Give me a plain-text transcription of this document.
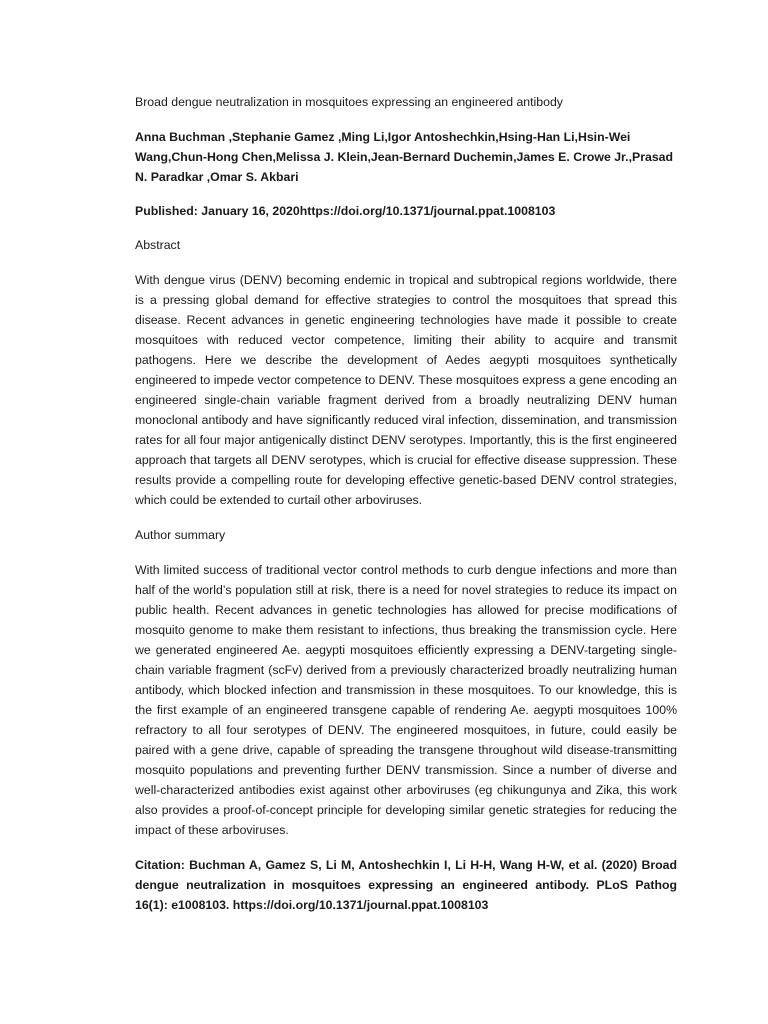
Broad dengue neutralization in mosquitoes expressing an engineered antibody

Anna Buchman ,Stephanie Gamez ,Ming Li,Igor Antoshechkin,Hsing-Han Li,Hsin-Wei Wang,Chun-Hong Chen,Melissa J. Klein,Jean-Bernard Duchemin,James E. Crowe Jr.,Prasad N. Paradkar ,Omar S. Akbari

Published: January 16, 2020https://doi.org/10.1371/journal.ppat.1008103

Abstract

With dengue virus (DENV) becoming endemic in tropical and subtropical regions worldwide, there is a pressing global demand for effective strategies to control the mosquitoes that spread this disease. Recent advances in genetic engineering technologies have made it possible to create mosquitoes with reduced vector competence, limiting their ability to acquire and transmit pathogens. Here we describe the development of Aedes aegypti mosquitoes synthetically engineered to impede vector competence to DENV. These mosquitoes express a gene encoding an engineered single-chain variable fragment derived from a broadly neutralizing DENV human monoclonal antibody and have significantly reduced viral infection, dissemination, and transmission rates for all four major antigenically distinct DENV serotypes. Importantly, this is the first engineered approach that targets all DENV serotypes, which is crucial for effective disease suppression. These results provide a compelling route for developing effective genetic-based DENV control strategies, which could be extended to curtail other arboviruses.

Author summary

With limited success of traditional vector control methods to curb dengue infections and more than half of the world’s population still at risk, there is a need for novel strategies to reduce its impact on public health. Recent advances in genetic technologies has allowed for precise modifications of mosquito genome to make them resistant to infections, thus breaking the transmission cycle. Here we generated engineered Ae. aegypti mosquitoes efficiently expressing a DENV-targeting single-chain variable fragment (scFv) derived from a previously characterized broadly neutralizing human antibody, which blocked infection and transmission in these mosquitoes. To our knowledge, this is the first example of an engineered transgene capable of rendering Ae. aegypti mosquitoes 100% refractory to all four serotypes of DENV. The engineered mosquitoes, in future, could easily be paired with a gene drive, capable of spreading the transgene throughout wild disease-transmitting mosquito populations and preventing further DENV transmission. Since a number of diverse and well-characterized antibodies exist against other arboviruses (eg chikungunya and Zika, this work also provides a proof-of-concept principle for developing similar genetic strategies for reducing the impact of these arboviruses.

Citation: Buchman A, Gamez S, Li M, Antoshechkin I, Li H-H, Wang H-W, et al. (2020) Broad dengue neutralization in mosquitoes expressing an engineered antibody. PLoS Pathog 16(1): e1008103. https://doi.org/10.1371/journal.ppat.1008103
